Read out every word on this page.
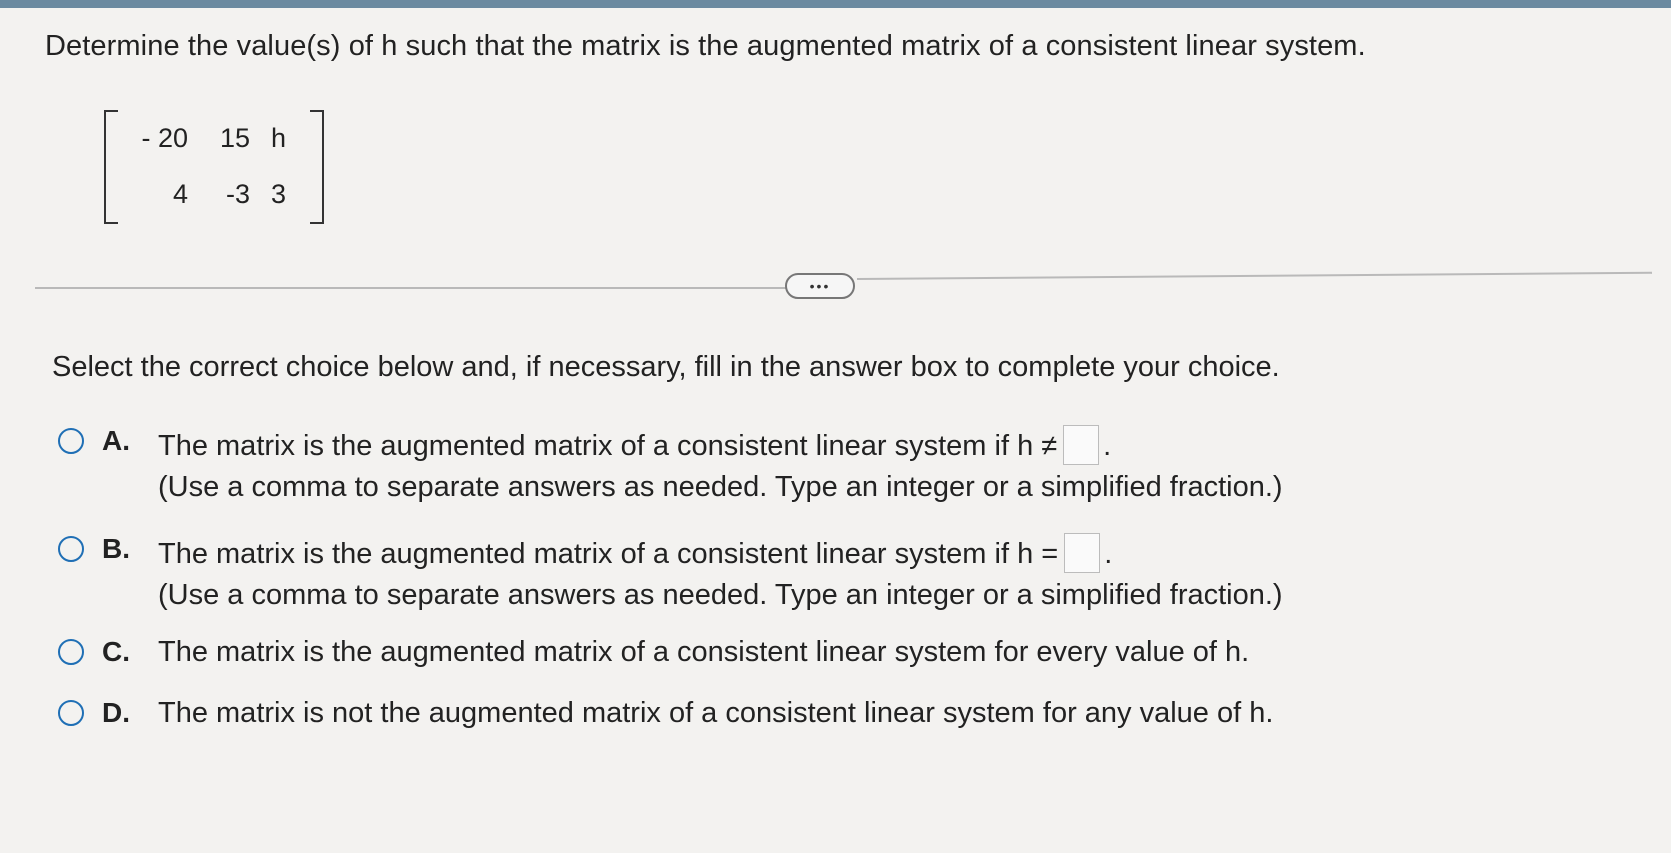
Determine the value(s) of h such that the matrix is the augmented matrix of a consistent linear system.
- 20	15 h
4	-3 3
•••
Select the correct choice below and, if necessary, fill in the answer box to complete your choice.
A. The matrix is the augmented matrix of a consistent linear system if h ≠ .
(Use a comma to separate answers as needed. Type an integer or a simplified fraction.)
B. The matrix is the augmented matrix of a consistent linear system if h = .
(Use a comma to separate answers as needed. Type an integer or a simplified fraction.)
C. The matrix is the augmented matrix of a consistent linear system for every value of h.
D. The matrix is not the augmented matrix of a consistent linear system for any value of h.
